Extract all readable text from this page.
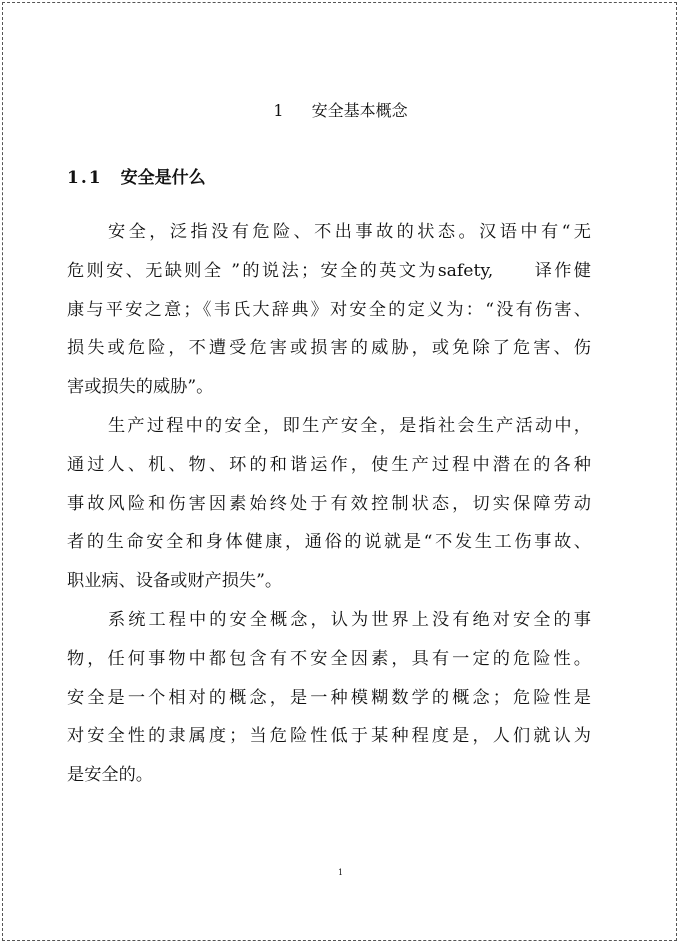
1 安全基本概念
1.1 安全是什么
安全，泛指没有危险、不出事故的状态。汉语中有“无
危则安、无缺则全 ”的说法；安全的英文为safety,　　译作健
康与平安之意；《韦氏大辞典》对安全的定义为：“没有伤害、
损失或危险，不遭受危害或损害的威胁，或免除了危害、伤
害或损失的威胁”。
生产过程中的安全，即生产安全，是指社会生产活动中，
通过人、机、物、环的和谐运作，使生产过程中潜在的各种
事故风险和伤害因素始终处于有效控制状态，切实保障劳动
者的生命安全和身体健康，通俗的说就是“不发生工伤事故、
职业病、设备或财产损失”。
系统工程中的安全概念，认为世界上没有绝对安全的事
物，任何事物中都包含有不安全因素，具有一定的危险性。
安全是一个相对的概念，是一种模糊数学的概念；危险性是
对安全性的隶属度；当危险性低于某种程度是，人们就认为
是安全的。
1
